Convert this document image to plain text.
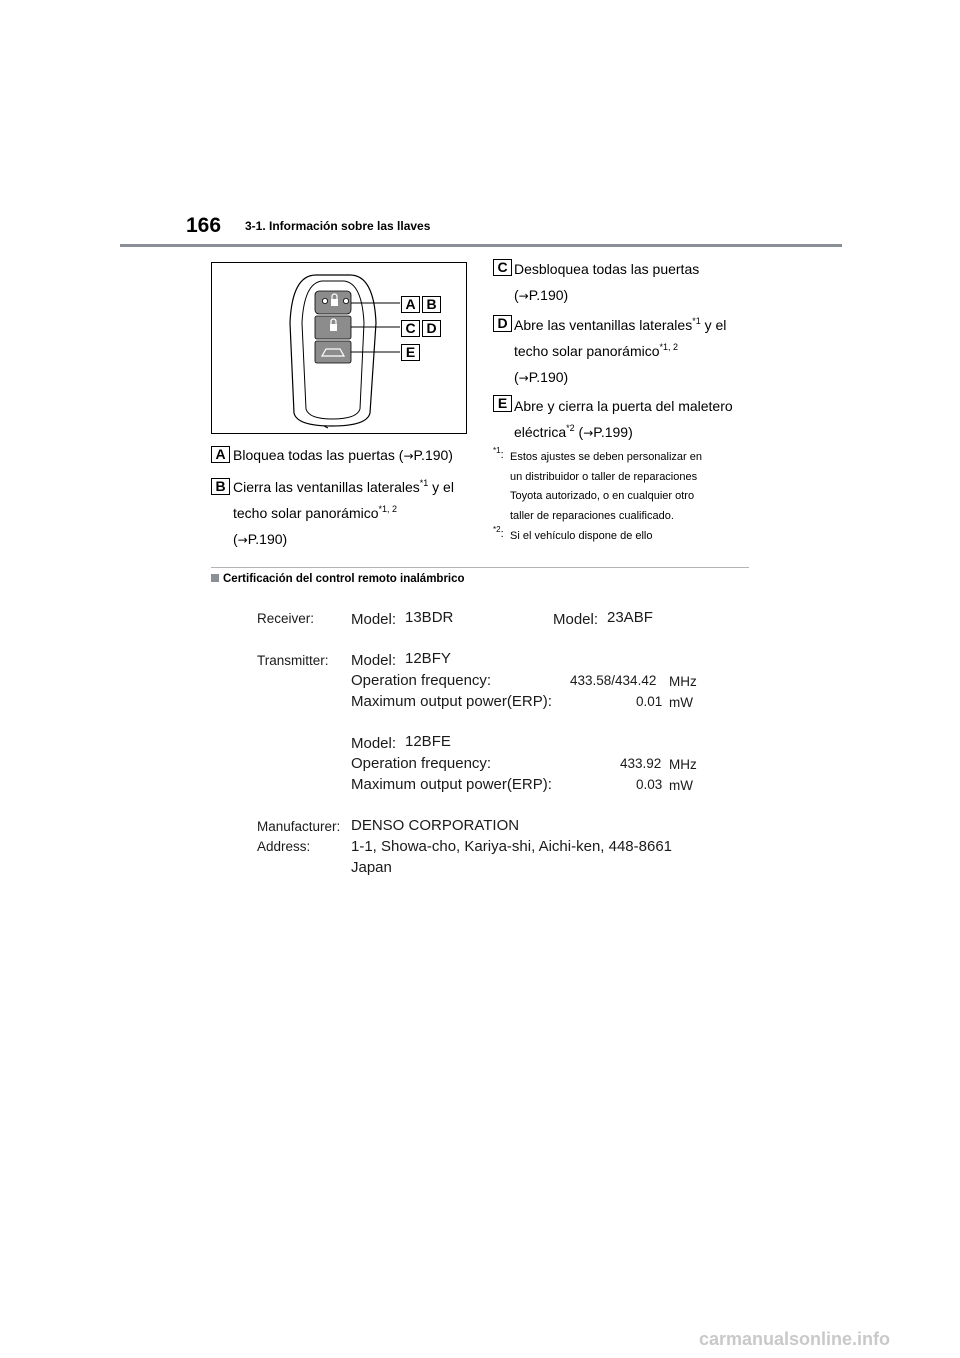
166 3-1. Información sobre las llaves
A B
C D
E
A Bloquea todas las puertas (→P.190)
B Cierra las ventanillas laterales$^{*1}$ y el
techo solar panorámico$^{*1, 2}$
(→P.190)
C Desbloquea todas las puertas
(→P.190)
D Abre las ventanillas laterales$^{*1}$ y el
techo solar panorámico$^{*1, 2}$
(→P.190)
E Abre y cierra la puerta del maletero
eléctrica$^{*2}$ (→P.199)
$^{*1}$: Estos ajustes se deben personalizar en
un distribuidor o taller de reparaciones
Toyota autorizado, o en cualquier otro
taller de reparaciones cualificado.
$^{*2}$: Si el vehículo dispone de ello
Certificación del control remoto inalámbrico
Receiver: Model: 13BDR	Model: 23ABF
Transmitter: Model: 12BFY
Operation frequency:	433.58/434.42 MHz
Maximum output power(ERP):	0.01 mW
Model: 12BFE
Operation frequency:	433.92 MHz
Maximum output power(ERP):	0.03 mW
Manufacturer: DENSO CORPORATION
Address:	1-1, Showa-cho, Kariya-shi, Aichi-ken, 448-8661
Japan
carmanualsonline.info
